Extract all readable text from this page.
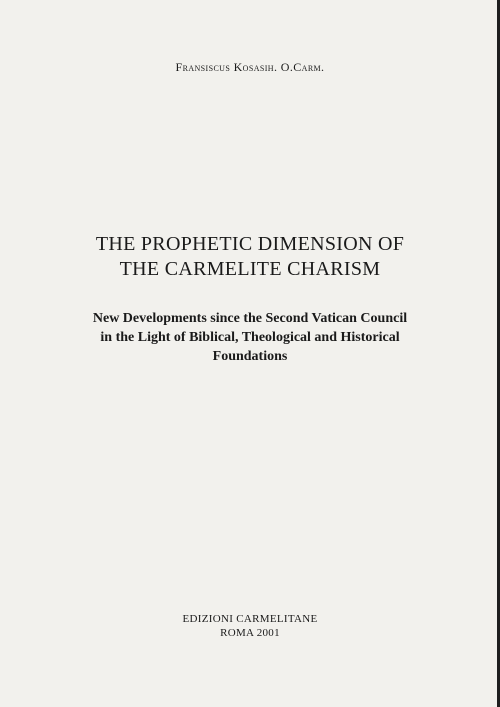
Fransiscus Kosasih. O.Carm.
THE PROPHETIC DIMENSION OF
THE CARMELITE CHARISM
New Developments since the Second Vatican Council
in the Light of Biblical, Theological and Historical
Foundations
EDIZIONI CARMELITANE
ROMA 2001
